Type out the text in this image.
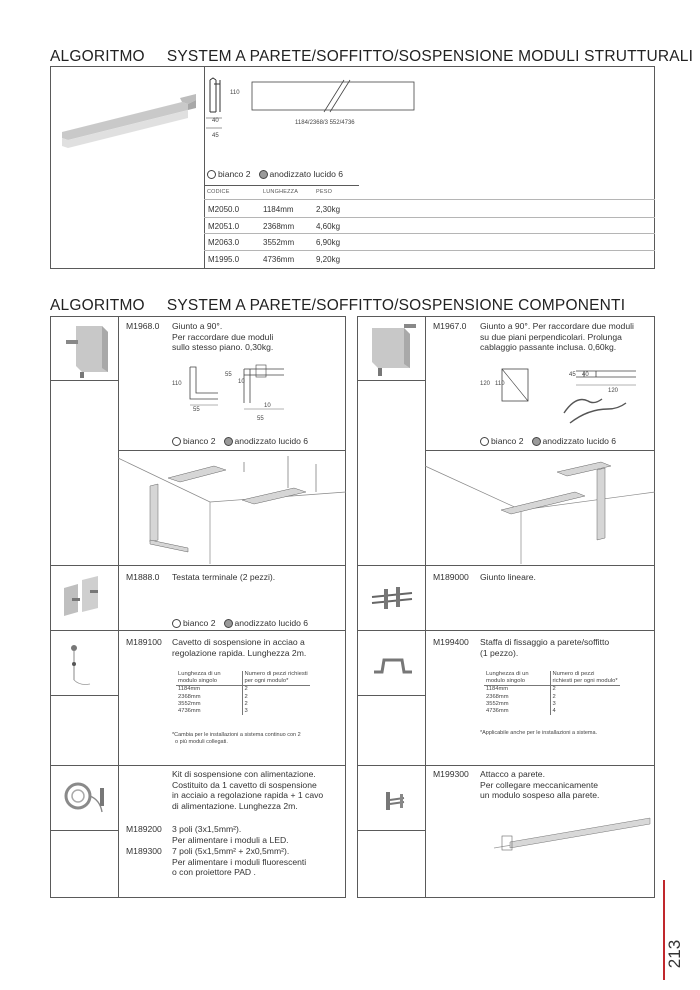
ALGORITMO SYSTEM A PARETE/SOFFITTO/SOSPENSIONE MODULI STRUTTURALI
110
40
45
1184/2368/3 552/4736
bianco 2 anodizzato lucido 6
CODICE	LUNGHEZZA	PESO
M2050.0	1184mm	2,30kg
M2051.0	2368mm	4,60kg
M2063.0	3552mm	6,90kg
M1995.0	4736mm	9,20kg
ALGORITMO SYSTEM A PARETE/SOFFITTO/SOSPENSIONE COMPONENTI
M1968.0 Giunto a 90°.
Per raccordare due moduli
sullo stesso piano. 0,30kg.
110
55
55
10
10
55
bianco 2 anodizzato lucido 6
M1967.0 Giunto a 90°. Per raccordare due moduli
su due piani perpendicolari. Prolunga
cablaggio passante inclusa. 0,60kg.
120 110
45 40
120
bianco 2 anodizzato lucido 6
M1888.0 Testata terminale (2 pezzi).
bianco 2 anodizzato lucido 6
M189000 Giunto lineare.
M189100 Cavetto di sospensione in acciao a
regolazione rapida. Lunghezza 2m.
Lunghezza di un
modulo singolo	Numero di pezzi richiesti
per ogni modulo*
1184mm	2
2368mm	2
3552mm	2
4736mm	3
*Cambia per le installazioni a sistema continuo con 2
o più moduli collegati.
M199400 Staffa di fissaggio a parete/soffitto
(1 pezzo).
Lunghezza di un
modulo singolo	Numero di pezzi
richiesti per ogni modulo*
1184mm	2
2368mm	2
3552mm	3
4736mm	4
*Applicabile anche per le installazioni a sistema.
Kit di sospensione con alimentazione.
Costituito da 1 cavetto di sospensione
in acciaio a regolazione rapida + 1 cavo
di alimentazione. Lunghezza 2m.
M189200 3 poli (3x1,5mm²).
Per alimentare i moduli a LED.
M189300 7 poli (5x1,5mm² + 2x0,5mm²).
Per alimentare i moduli fluorescenti
o con proiettore PAD .
M199300 Attacco a parete.
Per collegare meccanicamente
un modulo sospeso alla parete.
213
